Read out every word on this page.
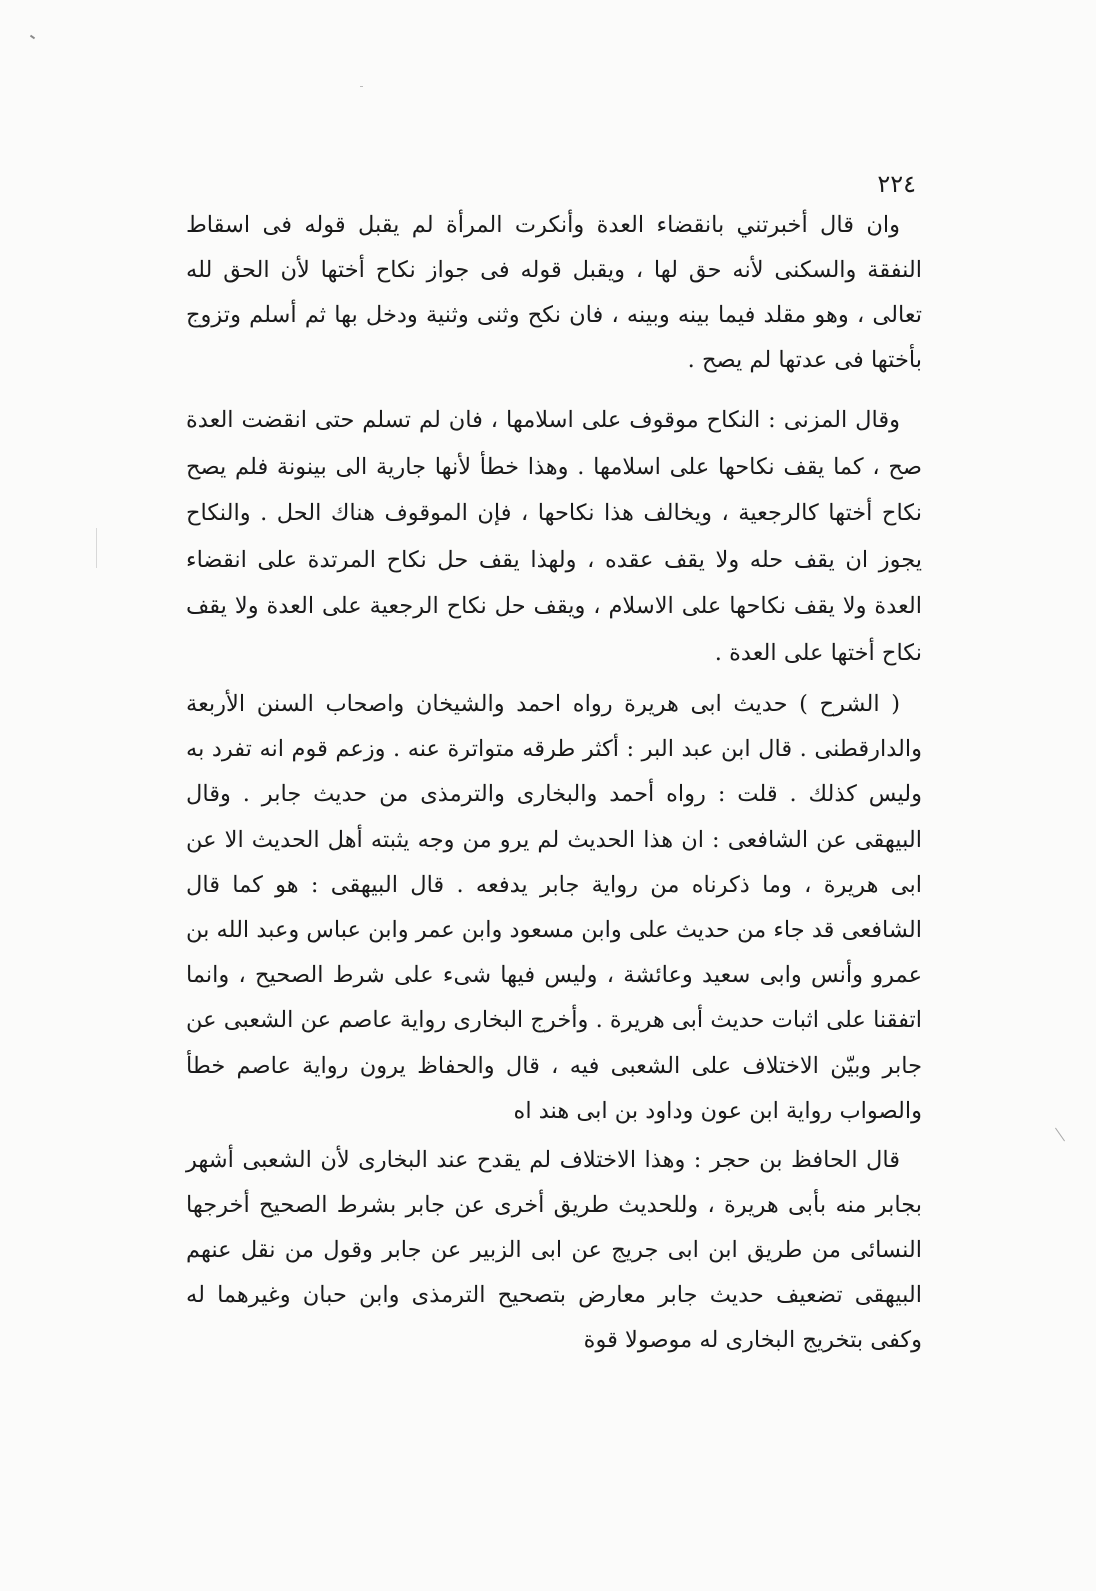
٢٢٤

وان قال أخبرتني بانقضاء العدة وأنكرت المرأة لم يقبل قوله فى اسقاط النفقة والسكنى لأنه حق لها ، ويقبل قوله فى جواز نكاح أختها لأن الحق لله تعالى ، وهو مقلد فيما بينه وبينه ، فان نكح وثنى وثنية ودخل بها ثم أسلم وتزوج بأختها فى عدتها لم يصح .

وقال المزنى : النكاح موقوف على اسلامها ، فان لم تسلم حتى انقضت العدة صح ، كما يقف نكاحها على اسلامها . وهذا خطأ لأنها جارية الى بينونة فلم يصح نكاح أختها كالرجعية ، ويخالف هذا نكاحها ، فإن الموقوف هناك الحل . والنكاح يجوز ان يقف حله ولا يقف عقده ، ولهذا يقف حل نكاح المرتدة على انقضاء العدة ولا يقف نكاحها على الاسلام ، ويقف حل نكاح الرجعية على العدة ولا يقف نكاح أختها على العدة .

( الشرح ) حديث ابى هريرة رواه احمد والشيخان واصحاب السنن الأربعة والدارقطنى . قال ابن عبد البر : أكثر طرقه متواترة عنه . وزعم قوم انه تفرد به وليس كذلك . قلت : رواه أحمد والبخارى والترمذى من حديث جابر . وقال البيهقى عن الشافعى : ان هذا الحديث لم يرو من وجه يثبته أهل الحديث الا عن ابى هريرة ، وما ذكرناه من رواية جابر يدفعه . قال البيهقى : هو كما قال الشافعى قد جاء من حديث على وابن مسعود وابن عمر وابن عباس وعبد الله بن عمرو وأنس وابى سعيد وعائشة ، وليس فيها شىء على شرط الصحيح ، وانما اتفقنا على اثبات حديث أبى هريرة . وأخرج البخارى رواية عاصم عن الشعبى عن جابر وبيّن الاختلاف على الشعبى فيه ، قال والحفاظ يرون رواية عاصم خطأ والصواب رواية ابن عون وداود بن ابى هند اه

قال الحافظ بن حجر : وهذا الاختلاف لم يقدح عند البخارى لأن الشعبى أشهر بجابر منه بأبى هريرة ، وللحديث طريق أخرى عن جابر بشرط الصحيح أخرجها النسائى من طريق ابن ابى جريج عن ابى الزبير عن جابر وقول من نقل عنهم البيهقى تضعيف حديث جابر معارض بتصحيح الترمذى وابن حبان وغيرهما له وكفى بتخريج البخارى له موصولا قوة
